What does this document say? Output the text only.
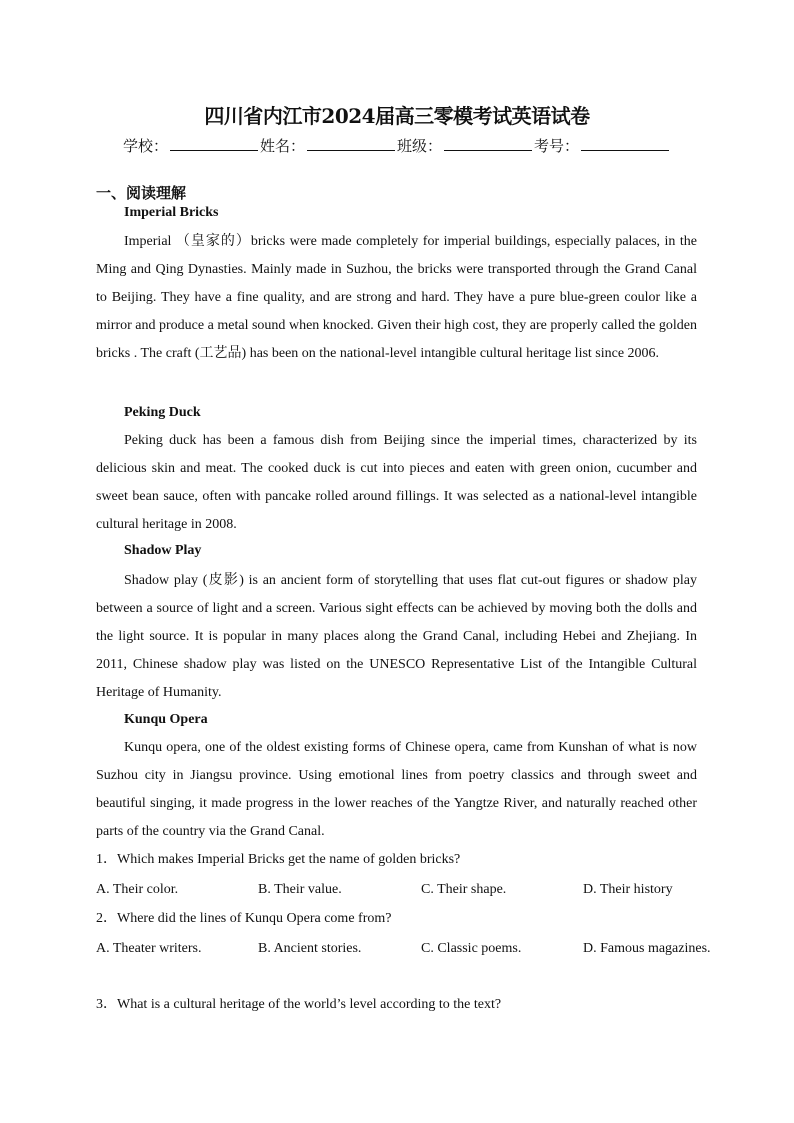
四川省内江市2024届高三零模考试英语试卷
学校：	姓名：	班级：	考号：
一、阅读理解
Imperial Bricks

Imperial （皇家的）bricks were made completely for imperial buildings, especially palaces, in the Ming and Qing Dynasties. Mainly made in Suzhou, the bricks were transported through the Grand Canal to Beijing. They have a fine quality, and are strong and hard. They have a pure blue-green coulor like a mirror and produce a metal sound when knocked. Given their high cost, they are properly called the golden bricks . The craft (工艺品) has been on the national-level intangible cultural heritage list since 2006.

Peking Duck

Peking duck has been a famous dish from Beijing since the imperial times, characterized by its delicious skin and meat. The cooked duck is cut into pieces and eaten with green onion, cucumber and sweet bean sauce, often with pancake rolled around fillings. It was selected as a national-level intangible cultural heritage in 2008.

Shadow Play

Shadow play (皮影) is an ancient form of storytelling that uses flat cut-out figures or shadow play between a source of light and a screen. Various sight effects can be achieved by moving both the dolls and the light source. It is popular in many places along the Grand Canal, including Hebei and Zhejiang. In 2011, Chinese shadow play was listed on the UNESCO Representative List of the Intangible Cultural Heritage of Humanity.

Kunqu Opera

Kunqu opera, one of the oldest existing forms of Chinese opera, came from Kunshan of what is now Suzhou city in Jiangsu province. Using emotional lines from poetry classics and through sweet and beautiful singing, it made progress in the lower reaches of the Yangtze River, and naturally reached other parts of the country via the Grand Canal.

1．Which makes Imperial Bricks get the name of golden bricks?

A. Their color.	B. Their value.	C. Their shape.	D. Their history

2．Where did the lines of Kunqu Opera come from?

A. Theater writers.	B. Ancient stories.	C. Classic poems.	D. Famous magazines.

3．What is a cultural heritage of the world’s level according to the text?
